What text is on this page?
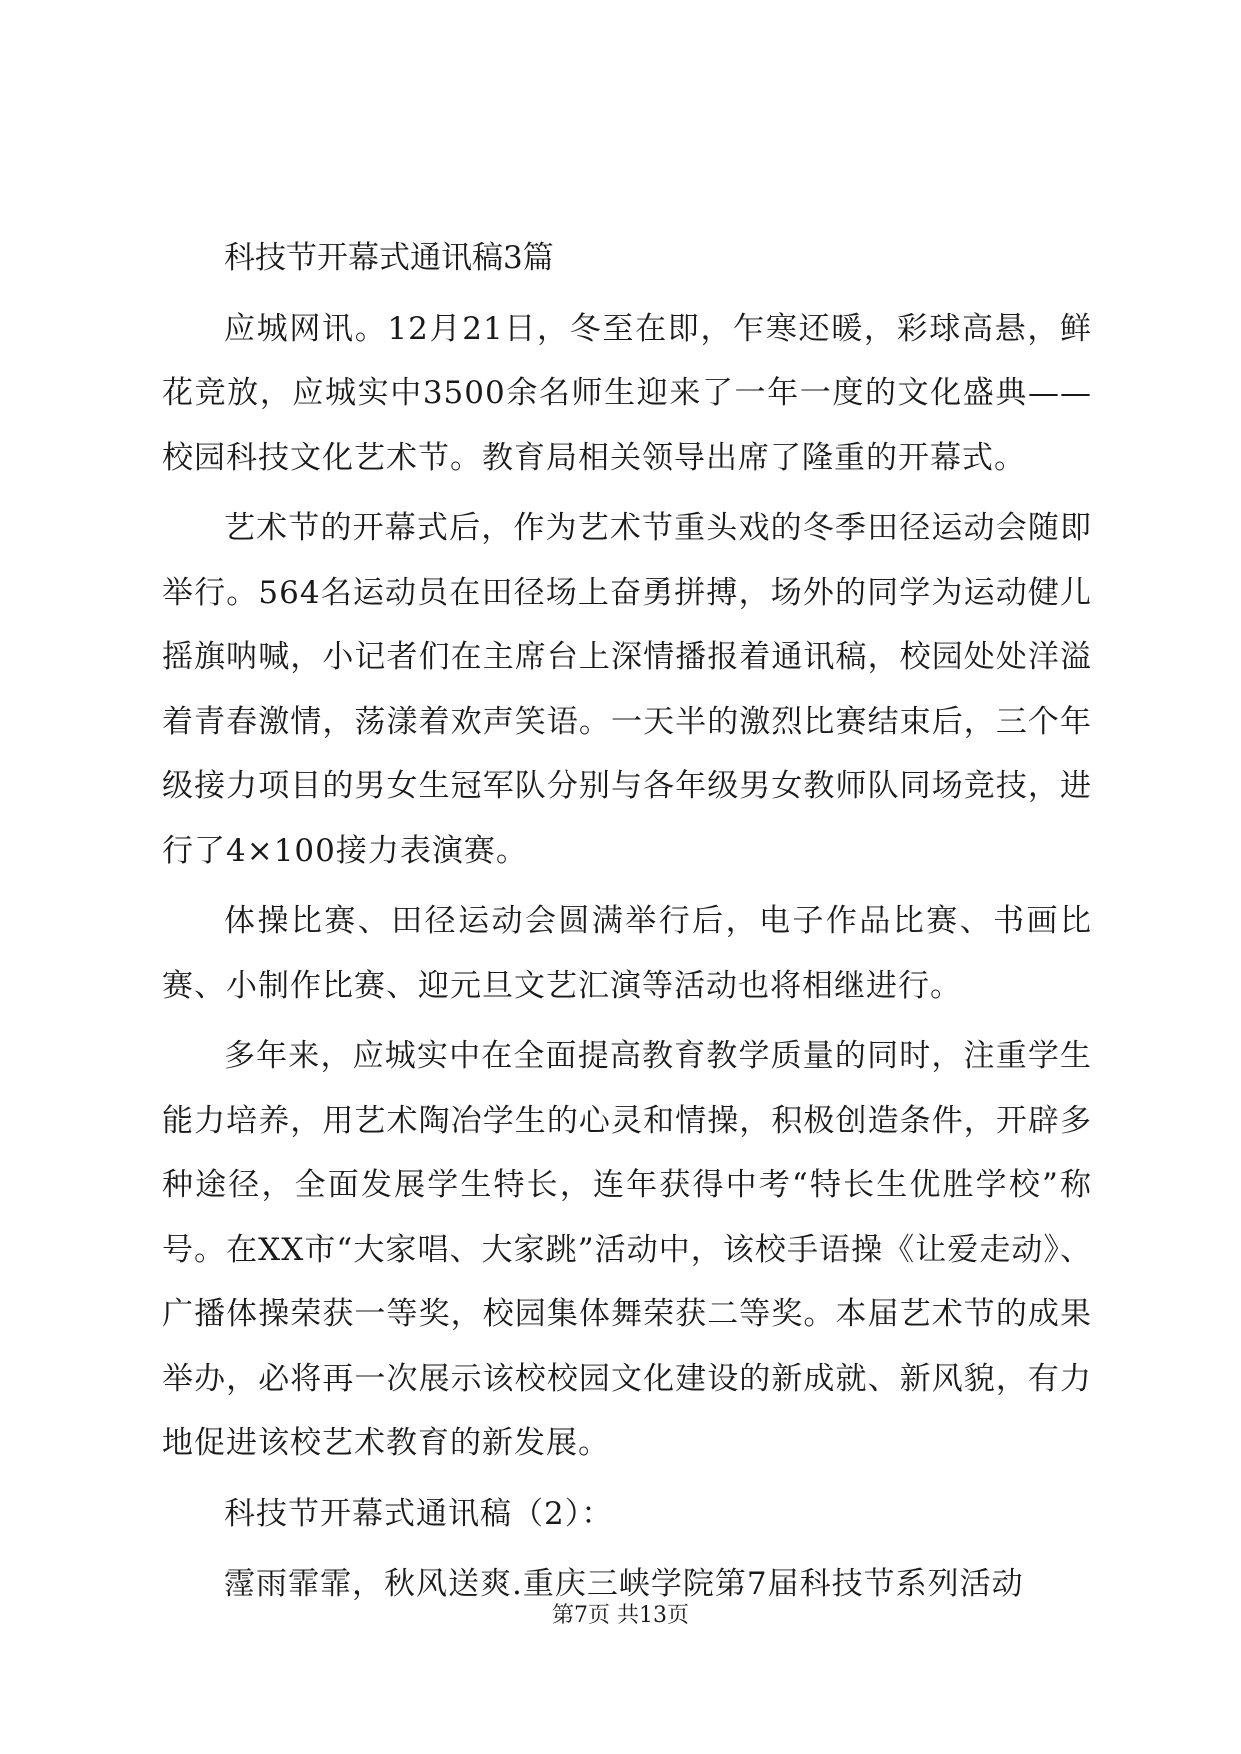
科技节开幕式通讯稿3篇

应城网讯。12月21日，冬至在即，乍寒还暖，彩球高悬，鲜花竞放，应城实中3500余名师生迎来了一年一度的文化盛典——校园科技文化艺术节。教育局相关领导出席了隆重的开幕式。

艺术节的开幕式后，作为艺术节重头戏的冬季田径运动会随即举行。564名运动员在田径场上奋勇拼搏，场外的同学为运动健儿摇旗呐喊，小记者们在主席台上深情播报着通讯稿，校园处处洋溢着青春激情，荡漾着欢声笑语。一天半的激烈比赛结束后，三个年级接力项目的男女生冠军队分别与各年级男女教师队同场竞技，进行了4×100接力表演赛。

体操比赛、田径运动会圆满举行后，电子作品比赛、书画比赛、小制作比赛、迎元旦文艺汇演等活动也将相继进行。

多年来，应城实中在全面提高教育教学质量的同时，注重学生能力培养，用艺术陶冶学生的心灵和情操，积极创造条件，开辟多种途径，全面发展学生特长，连年获得中考“特长生优胜学校”称号。在XX市“大家唱、大家跳”活动中，该校手语操《让爱走动》、广播体操荣获一等奖，校园集体舞荣获二等奖。本届艺术节的成果举办，必将再一次展示该校校园文化建设的新成就、新风貌，有力地促进该校艺术教育的新发展。

科技节开幕式通讯稿（2）：

霪雨霏霏，秋风送爽.重庆三峡学院第7届科技节系列活动

第7页 共13页
